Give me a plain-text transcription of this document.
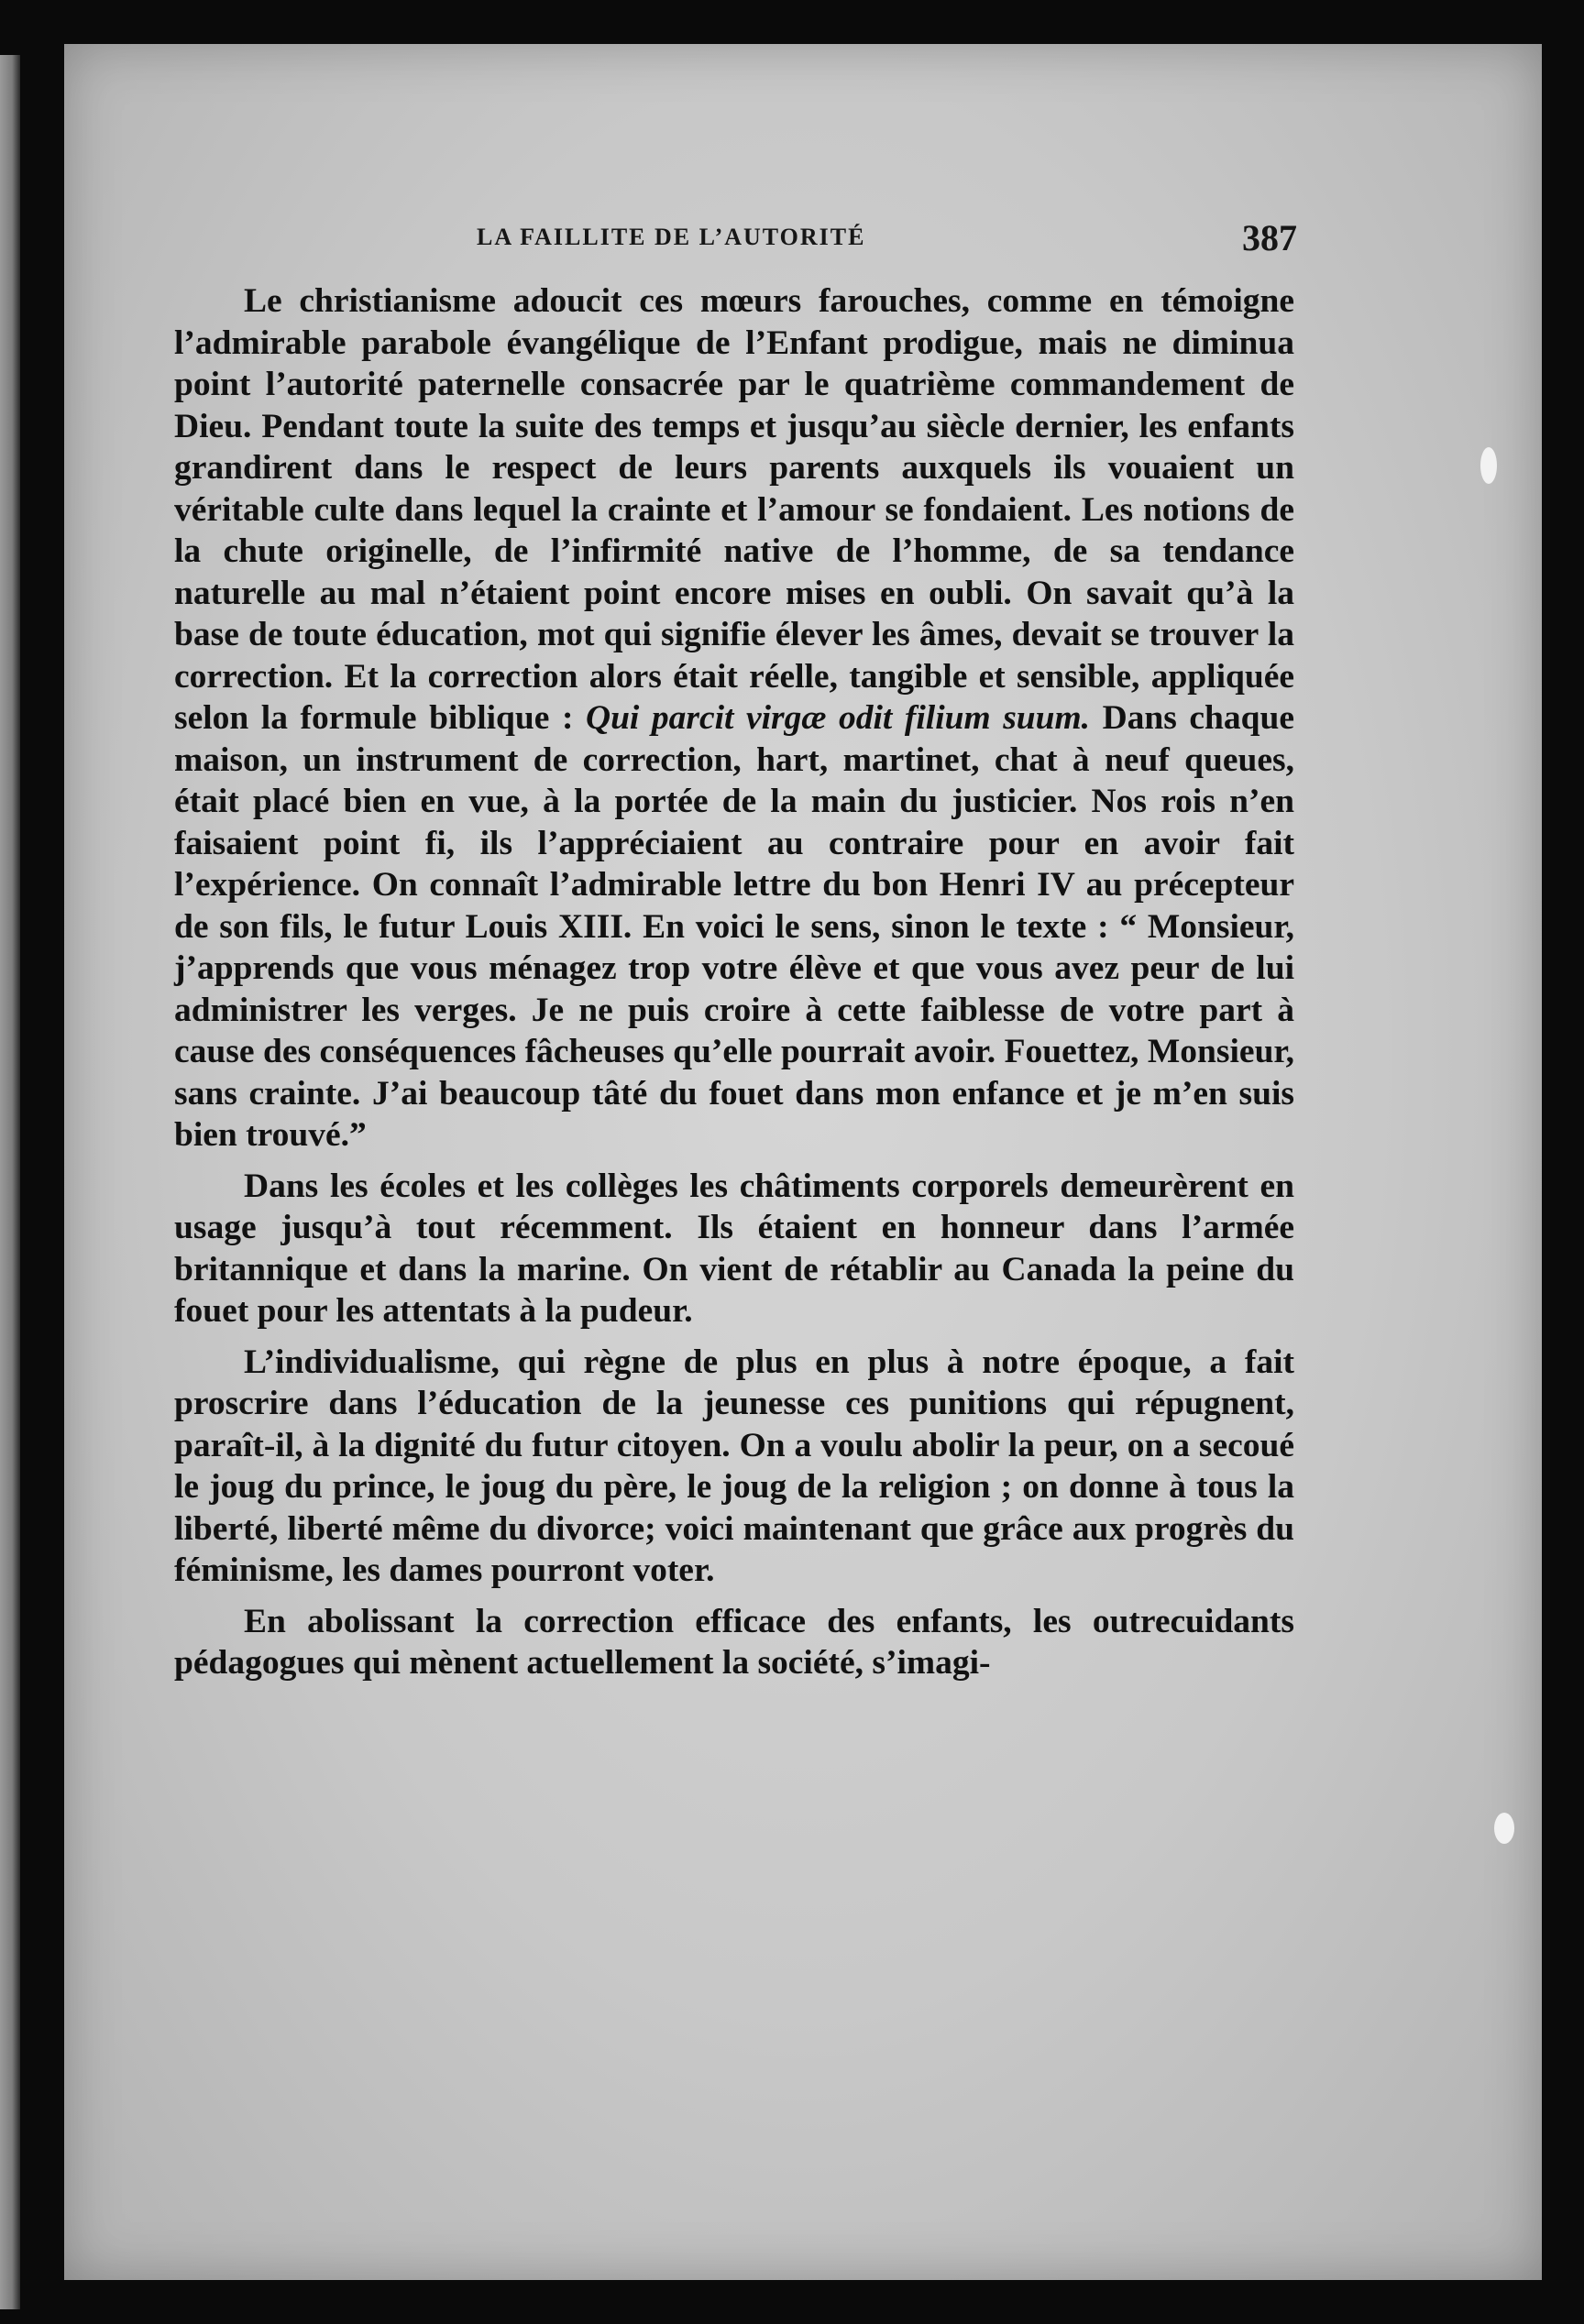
LA FAILLITE DE L’AUTORITÉ	387

Le christianisme adoucit ces mœurs farouches, comme en témoigne l’admirable parabole évangélique de l’Enfant prodigue, mais ne diminua point l’autorité paternelle consacrée par le quatrième commandement de Dieu. Pendant toute la suite des temps et jusqu’au siècle dernier, les enfants grandirent dans le respect de leurs parents auxquels ils vouaient un véritable culte dans lequel la crainte et l’amour se fondaient. Les notions de la chute originelle, de l’infirmité native de l’homme, de sa tendance naturelle au mal n’étaient point encore mises en oubli. On savait qu’à la base de toute éducation, mot qui signifie élever les âmes, devait se trouver la correction. Et la correction alors était réelle, tangible et sensible, appliquée selon la formule biblique : Qui parcit virgæ odit filium suum. Dans chaque maison, un instrument de correction, hart, martinet, chat à neuf queues, était placé bien en vue, à la portée de la main du justicier. Nos rois n’en faisaient point fi, ils l’appréciaient au contraire pour en avoir fait l’expérience. On connaît l’admirable lettre du bon Henri IV au précepteur de son fils, le futur Louis XIII. En voici le sens, sinon le texte : “ Monsieur, j’apprends que vous ménagez trop votre élève et que vous avez peur de lui administrer les verges. Je ne puis croire à cette faiblesse de votre part à cause des conséquences fâcheuses qu’elle pourrait avoir. Fouettez, Monsieur, sans crainte. J’ai beaucoup tâté du fouet dans mon enfance et je m’en suis bien trouvé.”

Dans les écoles et les collèges les châtiments corporels demeurèrent en usage jusqu’à tout récemment. Ils étaient en honneur dans l’armée britannique et dans la marine. On vient de rétablir au Canada la peine du fouet pour les attentats à la pudeur.

L’individualisme, qui règne de plus en plus à notre époque, a fait proscrire dans l’éducation de la jeunesse ces punitions qui répugnent, paraît-il, à la dignité du futur citoyen. On a voulu abolir la peur, on a secoué le joug du prince, le joug du père, le joug de la religion ; on donne à tous la liberté, liberté même du divorce; voici maintenant que grâce aux progrès du féminisme, les dames pourront voter.

En abolissant la correction efficace des enfants, les outrecuidants pédagogues qui mènent actuellement la société, s’imagi-
